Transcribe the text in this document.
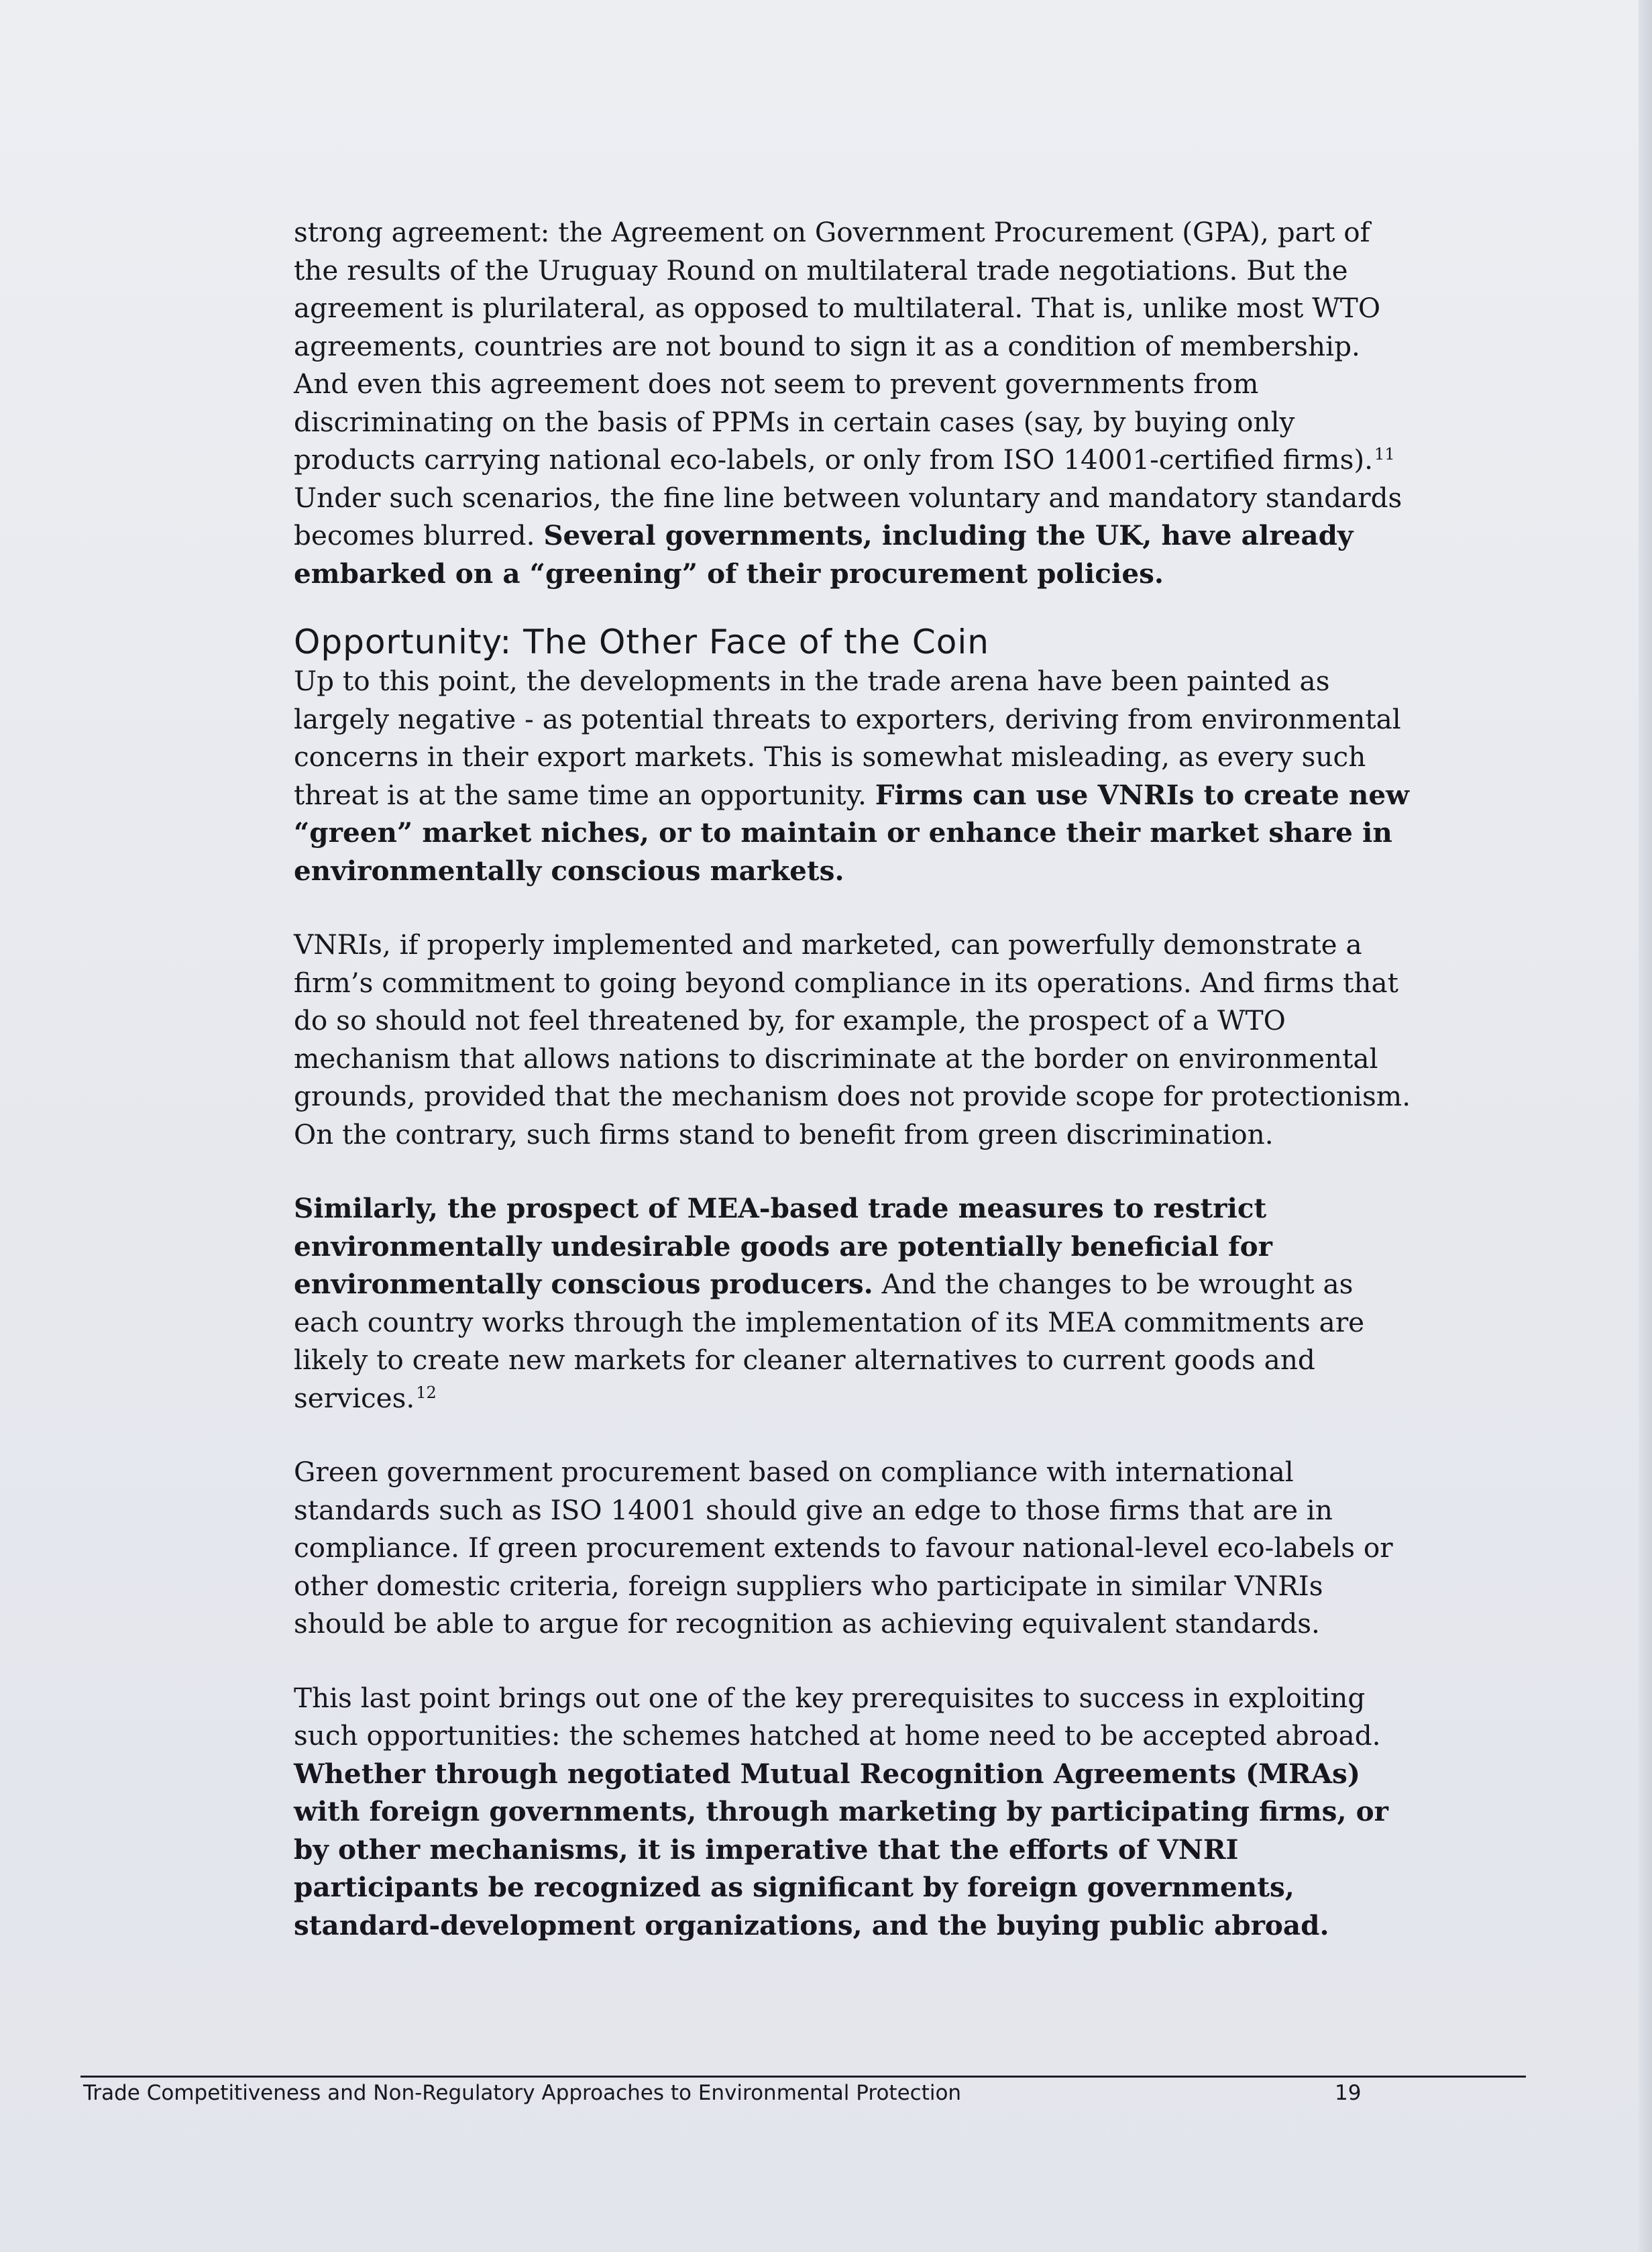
strong agreement: the Agreement on Government Procurement (GPA), part of the results of the Uruguay Round on multilateral trade negotiations. But the agreement is plurilateral, as opposed to multilateral. That is, unlike most WTO agreements, countries are not bound to sign it as a condition of membership. And even this agreement does not seem to prevent governments from discriminating on the basis of PPMs in certain cases (say, by buying only products carrying national eco-labels, or only from ISO 14001-certified firms).$^{11}$ Under such scenarios, the fine line between voluntary and mandatory standards becomes blurred. Several governments, including the UK, have already embarked on a “greening” of their procurement policies.

Opportunity: The Other Face of the Coin

Up to this point, the developments in the trade arena have been painted as largely negative - as potential threats to exporters, deriving from environmental concerns in their export markets. This is somewhat misleading, as every such threat is at the same time an opportunity. Firms can use VNRIs to create new “green” market niches, or to maintain or enhance their market share in environmentally conscious markets.

VNRIs, if properly implemented and marketed, can powerfully demonstrate a firm’s commitment to going beyond compliance in its operations. And firms that do so should not feel threatened by, for example, the prospect of a WTO mechanism that allows nations to discriminate at the border on environmental grounds, provided that the mechanism does not provide scope for protectionism. On the contrary, such firms stand to benefit from green discrimination.

Similarly, the prospect of MEA-based trade measures to restrict environmentally undesirable goods are potentially beneficial for environmentally conscious producers. And the changes to be wrought as each country works through the implementation of its MEA commitments are likely to create new markets for cleaner alternatives to current goods and services.$^{12}$

Green government procurement based on compliance with international standards such as ISO 14001 should give an edge to those firms that are in compliance. If green procurement extends to favour national-level eco-labels or other domestic criteria, foreign suppliers who participate in similar VNRIs should be able to argue for recognition as achieving equivalent standards.

This last point brings out one of the key prerequisites to success in exploiting such opportunities: the schemes hatched at home need to be accepted abroad. Whether through negotiated Mutual Recognition Agreements (MRAs) with foreign governments, through marketing by participating firms, or by other mechanisms, it is imperative that the efforts of VNRI participants be recognized as significant by foreign governments, standard-development organizations, and the buying public abroad.

Trade Competitiveness and Non-Regulatory Approaches to Environmental Protection	19
